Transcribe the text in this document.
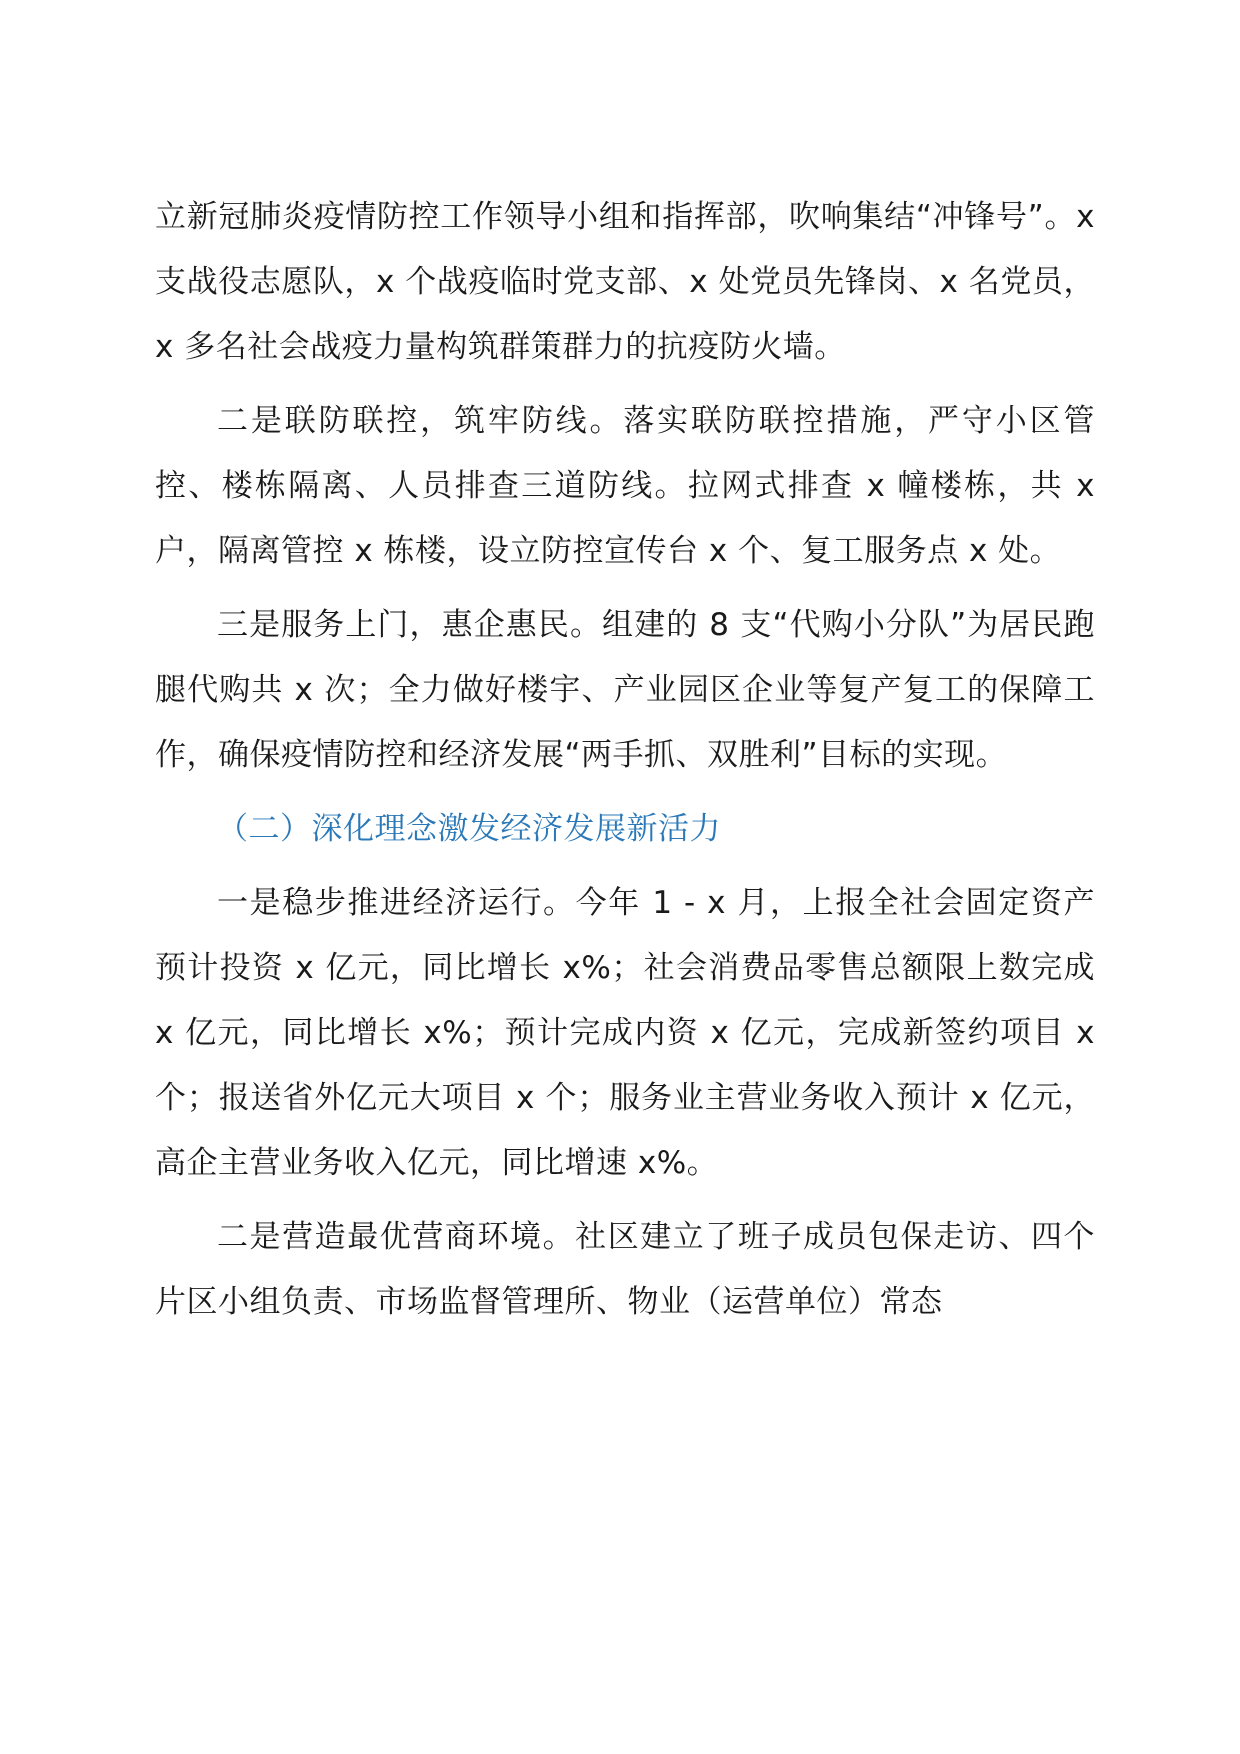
立新冠肺炎疫情防控工作领导小组和指挥部，吹响集结“冲锋号”。x 支战役志愿队，x 个战疫临时党支部、x 处党员先锋岗、x 名党员，x 多名社会战疫力量构筑群策群力的抗疫防火墙。

二是联防联控，筑牢防线。落实联防联控措施，严守小区管控、楼栋隔离、人员排查三道防线。拉网式排查 x 幢楼栋，共 x 户，隔离管控 x 栋楼，设立防控宣传台 x 个、复工服务点 x 处。

三是服务上门，惠企惠民。组建的 8 支“代购小分队”为居民跑腿代购共 x 次；全力做好楼宇、产业园区企业等复产复工的保障工作，确保疫情防控和经济发展“两手抓、双胜利”目标的实现。

（二）深化理念激发经济发展新活力

一是稳步推进经济运行。今年 1 - x 月，上报全社会固定资产预计投资 x 亿元，同比增长 x%；社会消费品零售总额限上数完成 x 亿元，同比增长 x%；预计完成内资 x 亿元，完成新签约项目 x 个；报送省外亿元大项目 x 个；服务业主营业务收入预计 x 亿元，高企主营业务收入亿元，同比增速 x%。

二是营造最优营商环境。社区建立了班子成员包保走访、四个片区小组负责、市场监督管理所、物业（运营单位）常态
